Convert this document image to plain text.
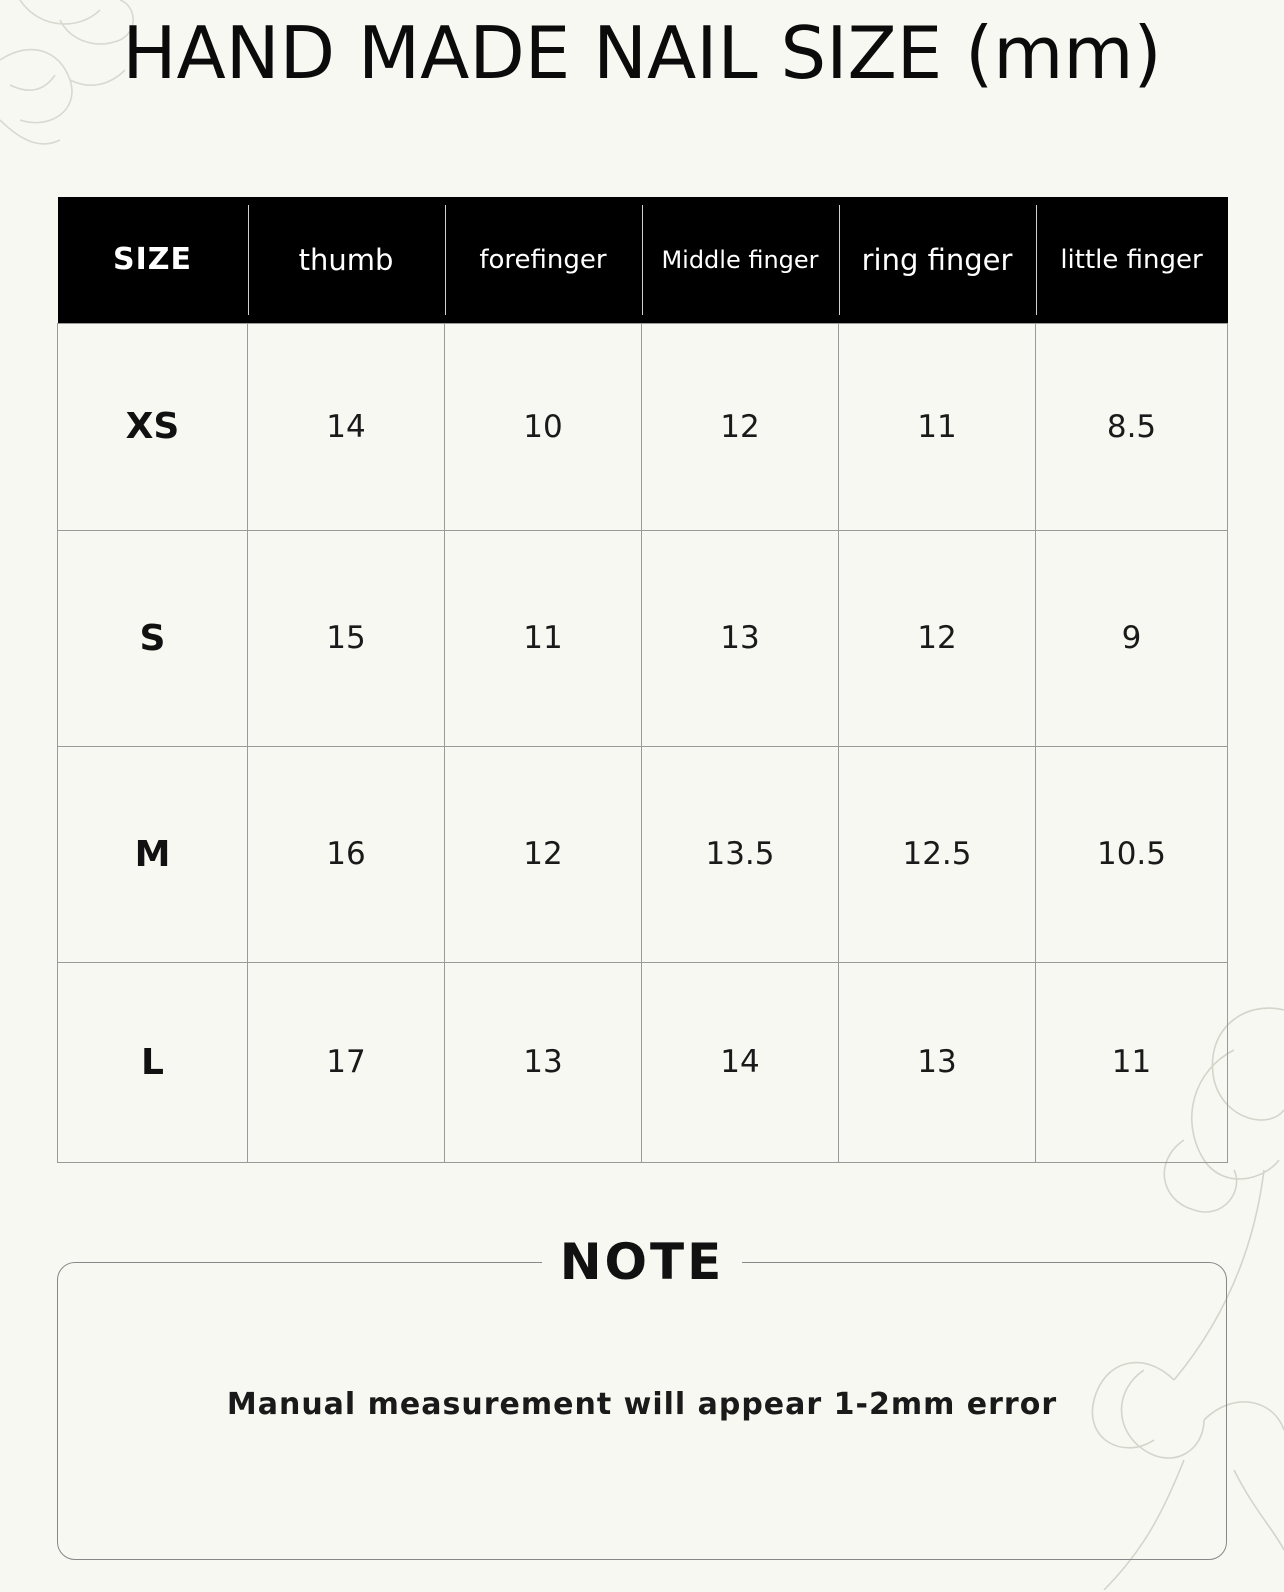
HAND MADE NAIL SIZE (mm)
SIZE	thumb	forefinger	Middle finger	ring finger	little finger
XS	14	10	12	11	8.5
S	15	11	13	12	9
M	16	12	13.5	12.5	10.5
L	17	13	14	13	11
NOTE
Manual measurement will appear 1-2mm error
